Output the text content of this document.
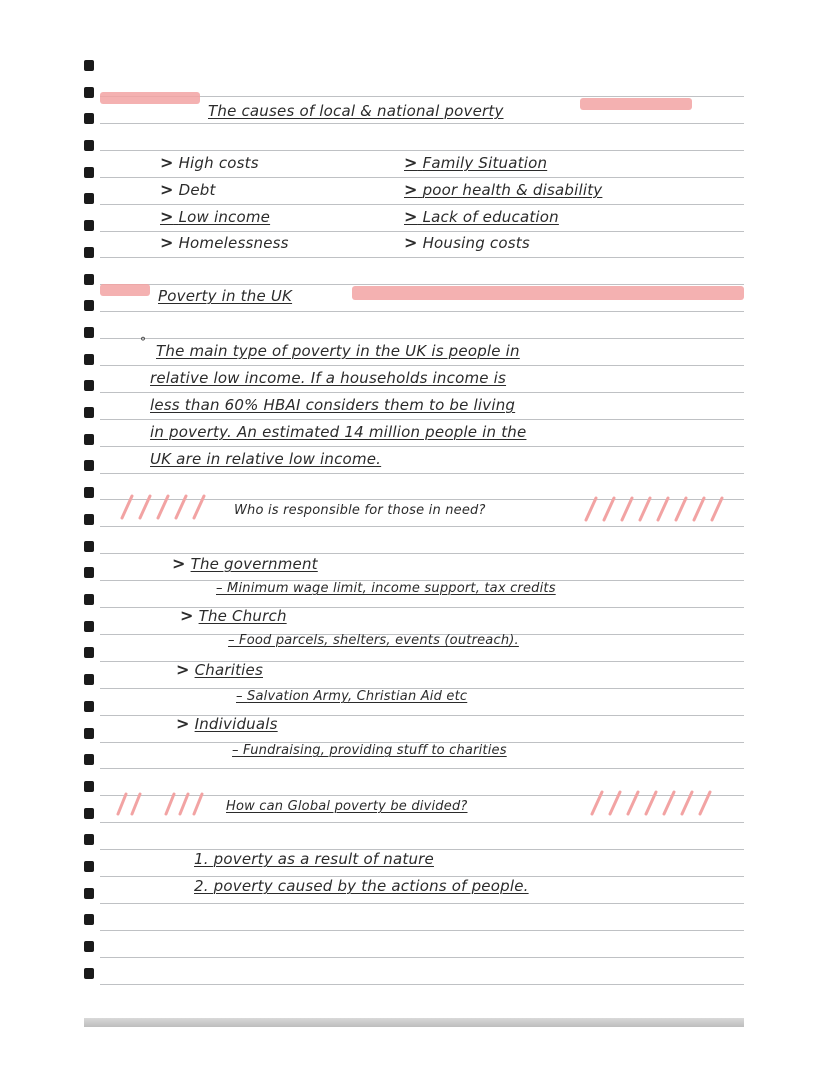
The causes of local & national poverty
> High costs
> Debt
> Low income
> Homelessness
> Family Situation
> poor health & disability
> Lack of education
> Housing costs
Poverty in the UK
° The main type of poverty in the UK is people in
relative low income. If a households income is
less than 60% HBAI considers them to be living
in poverty. An estimated 14 million people in the
UK are in relative low income.
Who is responsible for those in need?
> The government
– Minimum wage limit, income support, tax credits
> The Church
– Food parcels, shelters, events (outreach).
> Charities
– Salvation Army, Christian Aid etc
> Individuals
– Fundraising, providing stuff to charities
How can Global poverty be divided?
1. poverty as a result of nature
2. poverty caused by the actions of people.
